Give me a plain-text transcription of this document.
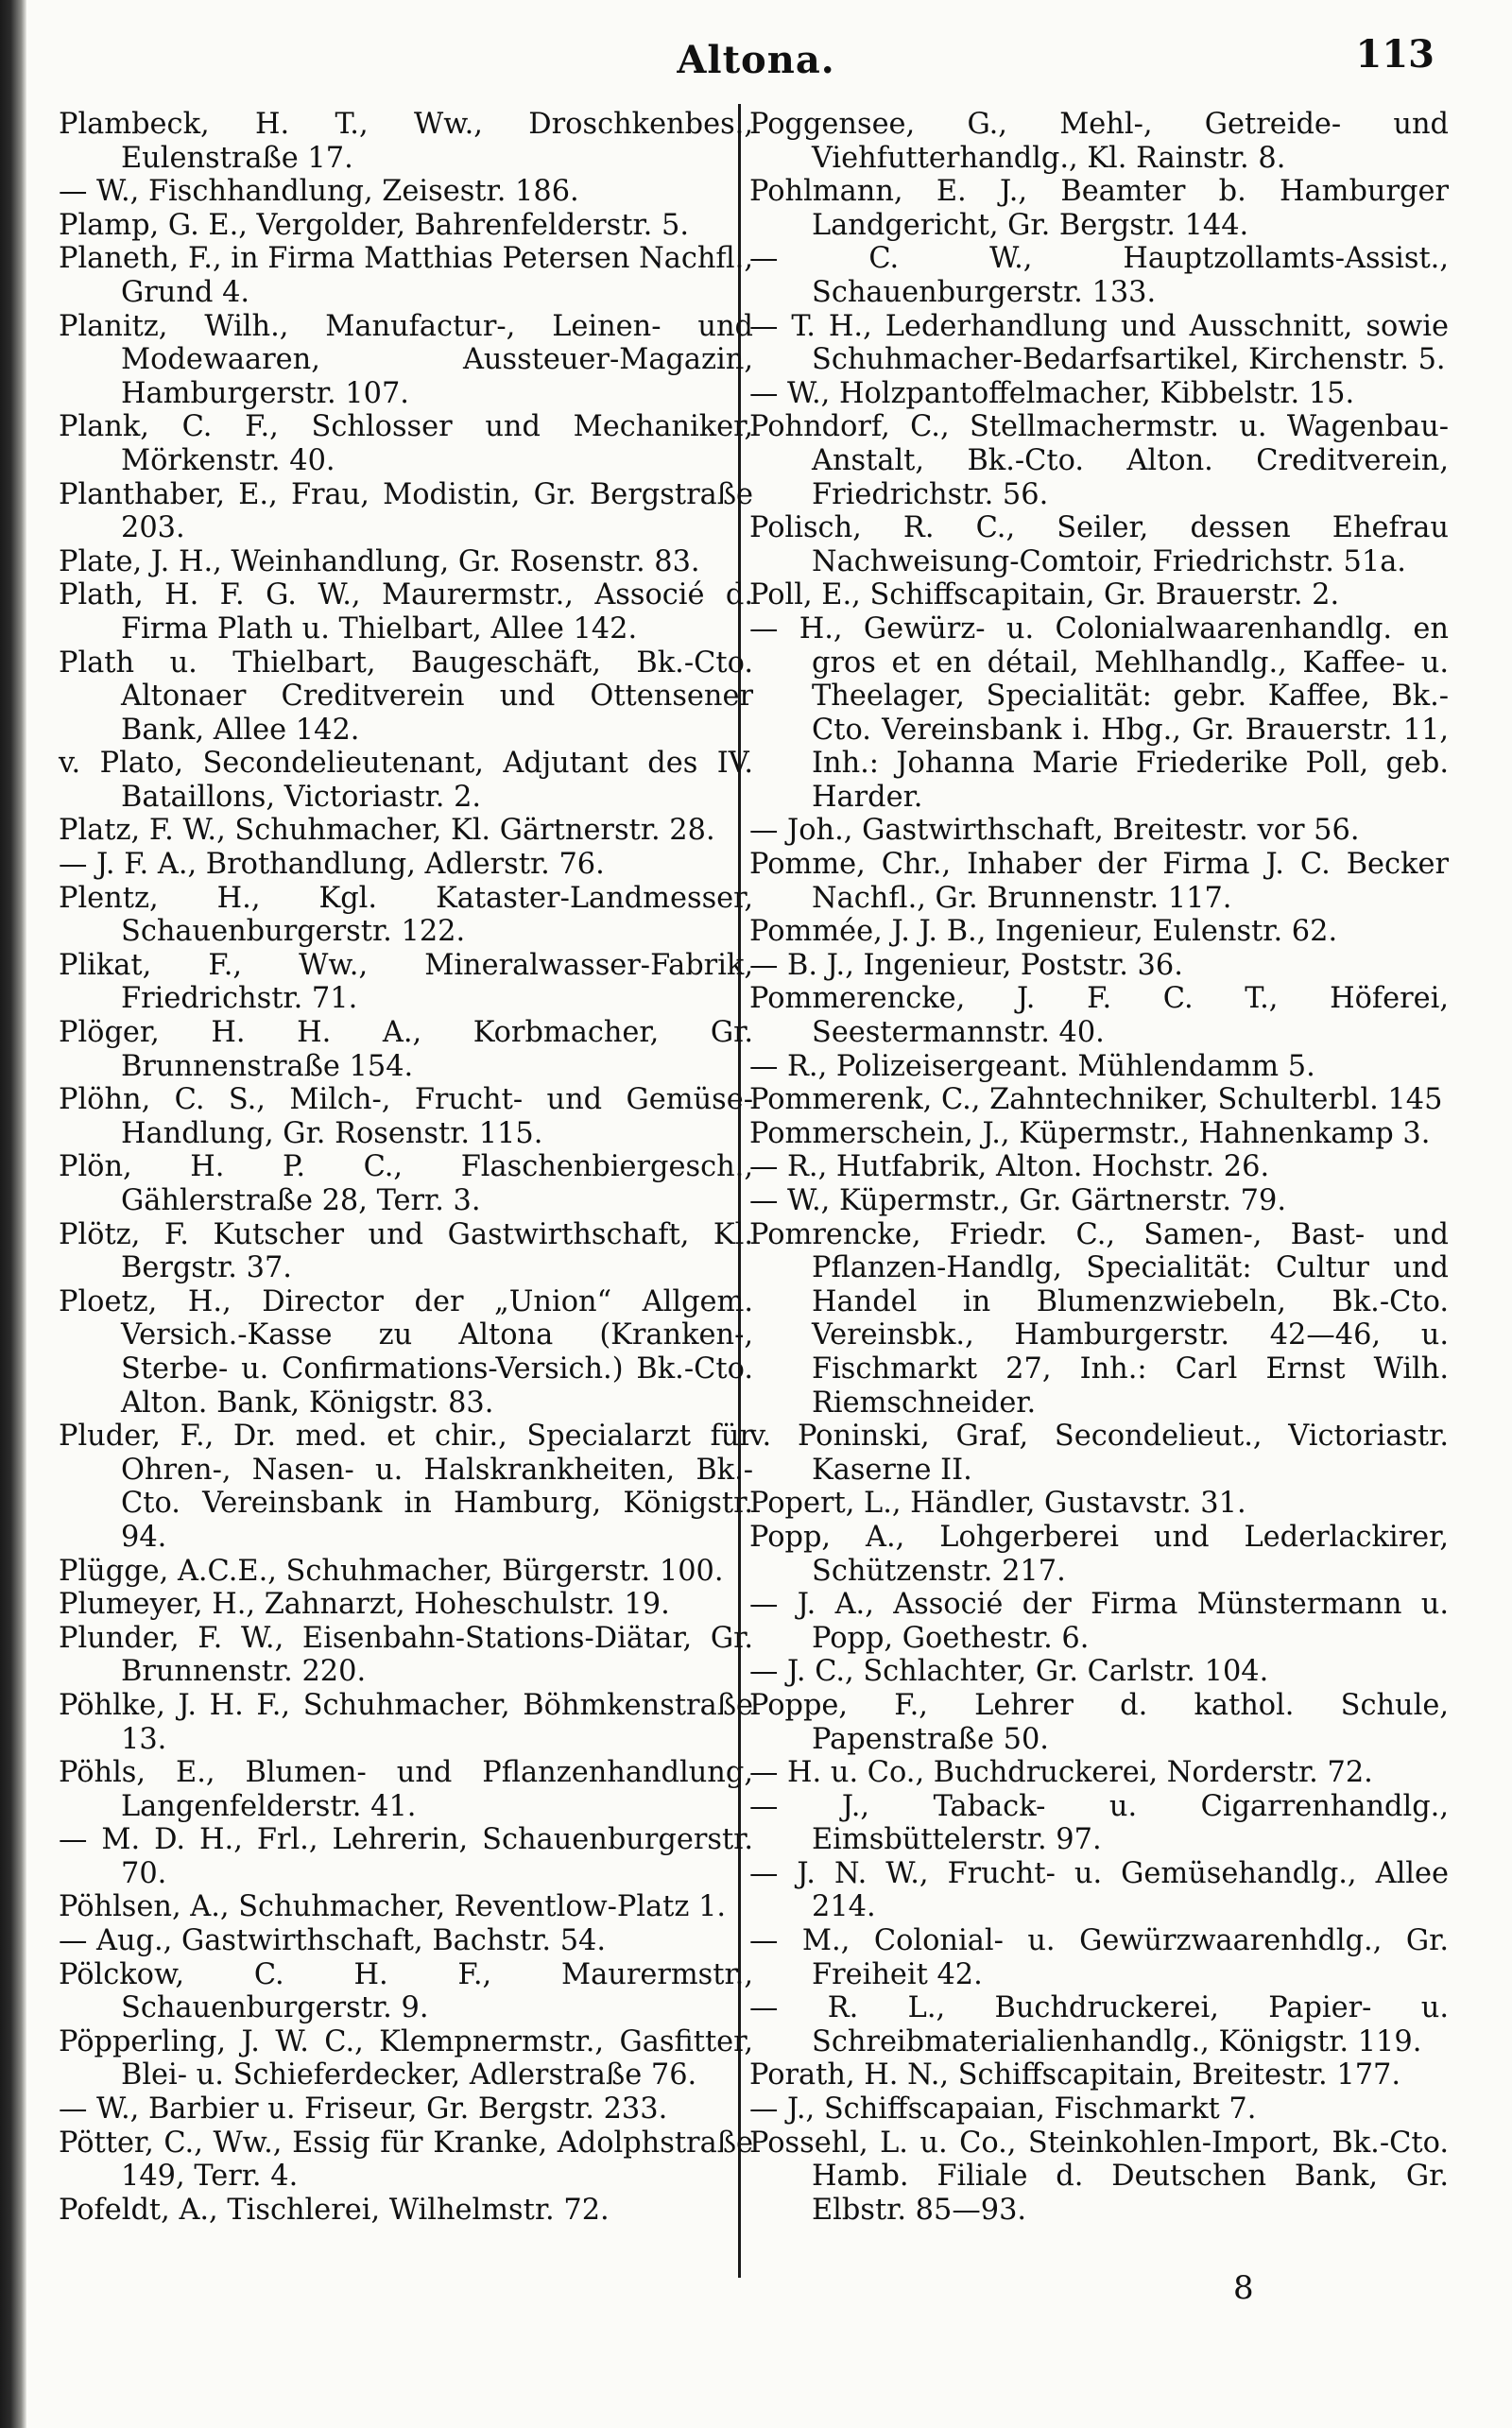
Altona.	113
Plambeck, H. T., Ww., Droschkenbes., Eulenstraße 17.
— W., Fischhandlung, Zeisestr. 186.
Plamp, G. E., Vergolder, Bahrenfelderstr. 5.
Planeth, F., in Firma Matthias Petersen Nachfl., Grund 4.
Planitz, Wilh., Manufactur-, Leinen- und Modewaaren, Aussteuer-Magazin, Hamburgerstr. 107.
Plank, C. F., Schlosser und Mechaniker, Mörkenstr. 40.
Planthaber, E., Frau, Modistin, Gr. Bergstraße 203.
Plate, J. H., Weinhandlung, Gr. Rosenstr. 83.
Plath, H. F. G. W., Maurermstr., Associé d. Firma Plath u. Thielbart, Allee 142.
Plath u. Thielbart, Baugeschäft, Bk.-Cto. Altonaer Creditverein und Ottensener Bank, Allee 142.
v. Plato, Secondelieutenant, Adjutant des IV. Bataillons, Victoriastr. 2.
Platz, F. W., Schuhmacher, Kl. Gärtnerstr. 28.
— J. F. A., Brothandlung, Adlerstr. 76.
Plentz, H., Kgl. Kataster-Landmesser, Schauenburgerstr. 122.
Plikat, F., Ww., Mineralwasser-Fabrik, Friedrichstr. 71.
Plöger, H. H. A., Korbmacher, Gr. Brunnenstraße 154.
Plöhn, C. S., Milch-, Frucht- und Gemüse-Handlung, Gr. Rosenstr. 115.
Plön, H. P. C., Flaschenbiergesch., Gählerstraße 28, Terr. 3.
Plötz, F. Kutscher und Gastwirthschaft, Kl. Bergstr. 37.
Ploetz, H., Director der „Union“ Allgem. Versich.-Kasse zu Altona (Kranken-, Sterbe- u. Confirmations-Versich.) Bk.-Cto. Alton. Bank, Königstr. 83.
Pluder, F., Dr. med. et chir., Specialarzt für Ohren-, Nasen- u. Halskrankheiten, Bk.-Cto. Vereinsbank in Hamburg, Königstr. 94.
Plügge, A.C.E., Schuhmacher, Bürgerstr. 100.
Plumeyer, H., Zahnarzt, Hoheschulstr. 19.
Plunder, F. W., Eisenbahn-Stations-Diätar, Gr. Brunnenstr. 220.
Pöhlke, J. H. F., Schuhmacher, Böhmkenstraße 13.
Pöhls, E., Blumen- und Pflanzenhandlung, Langenfelderstr. 41.
— M. D. H., Frl., Lehrerin, Schauenburgerstr. 70.
Pöhlsen, A., Schuhmacher, Reventlow-Platz 1.
— Aug., Gastwirthschaft, Bachstr. 54.
Pölckow, C. H. F., Maurermstr., Schauenburgerstr. 9.
Pöpperling, J. W. C., Klempnermstr., Gasfitter, Blei- u. Schieferdecker, Adlerstraße 76.
— W., Barbier u. Friseur, Gr. Bergstr. 233.
Pötter, C., Ww., Essig für Kranke, Adolphstraße 149, Terr. 4.
Pofeldt, A., Tischlerei, Wilhelmstr. 72.
Poggensee, G., Mehl-, Getreide- und Viehfutterhandlg., Kl. Rainstr. 8.
Pohlmann, E. J., Beamter b. Hamburger Landgericht, Gr. Bergstr. 144.
— C. W., Hauptzollamts-Assist., Schauenburgerstr. 133.
— T. H., Lederhandlung und Ausschnitt, sowie Schuhmacher-Bedarfsartikel, Kirchenstr. 5.
— W., Holzpantoffelmacher, Kibbelstr. 15.
Pohndorf, C., Stellmachermstr. u. Wagenbau-Anstalt, Bk.-Cto. Alton. Creditverein, Friedrichstr. 56.
Polisch, R. C., Seiler, dessen Ehefrau Nachweisung-Comtoir, Friedrichstr. 51a.
Poll, E., Schiffscapitain, Gr. Brauerstr. 2.
— H., Gewürz- u. Colonialwaarenhandlg. en gros et en détail, Mehlhandlg., Kaffee- u. Theelager, Specialität: gebr. Kaffee, Bk.-Cto. Vereinsbank i. Hbg., Gr. Brauerstr. 11, Inh.: Johanna Marie Friederike Poll, geb. Harder.
— Joh., Gastwirthschaft, Breitestr. vor 56.
Pomme, Chr., Inhaber der Firma J. C. Becker Nachfl., Gr. Brunnenstr. 117.
Pommée, J. J. B., Ingenieur, Eulenstr. 62.
— B. J., Ingenieur, Poststr. 36.
Pommerencke, J. F. C. T., Höferei, Seestermannstr. 40.
— R., Polizeisergeant. Mühlendamm 5.
Pommerenk, C., Zahntechniker, Schulterbl. 145
Pommerschein, J., Küpermstr., Hahnenkamp 3.
— R., Hutfabrik, Alton. Hochstr. 26.
— W., Küpermstr., Gr. Gärtnerstr. 79.
Pomrencke, Friedr. C., Samen-, Bast- und Pflanzen-Handlg, Specialität: Cultur und Handel in Blumenzwiebeln, Bk.-Cto. Vereinsbk., Hamburgerstr. 42—46, u. Fischmarkt 27, Inh.: Carl Ernst Wilh. Riemschneider.
v. Poninski, Graf, Secondelieut., Victoriastr. Kaserne II.
Popert, L., Händler, Gustavstr. 31.
Popp, A., Lohgerberei und Lederlackirer, Schützenstr. 217.
— J. A., Associé der Firma Münstermann u. Popp, Goethestr. 6.
— J. C., Schlachter, Gr. Carlstr. 104.
Poppe, F., Lehrer d. kathol. Schule, Papenstraße 50.
— H. u. Co., Buchdruckerei, Norderstr. 72.
— J., Taback- u. Cigarrenhandlg., Eimsbüttelerstr. 97.
— J. N. W., Frucht- u. Gemüsehandlg., Allee 214.
— M., Colonial- u. Gewürzwaarenhdlg., Gr. Freiheit 42.
— R. L., Buchdruckerei, Papier- u. Schreibmaterialienhandlg., Königstr. 119.
Porath, H. N., Schiffscapitain, Breitestr. 177.
— J., Schiffscapaian, Fischmarkt 7.
Possehl, L. u. Co., Steinkohlen-Import, Bk.-Cto. Hamb. Filiale d. Deutschen Bank, Gr. Elbstr. 85—93.
8
